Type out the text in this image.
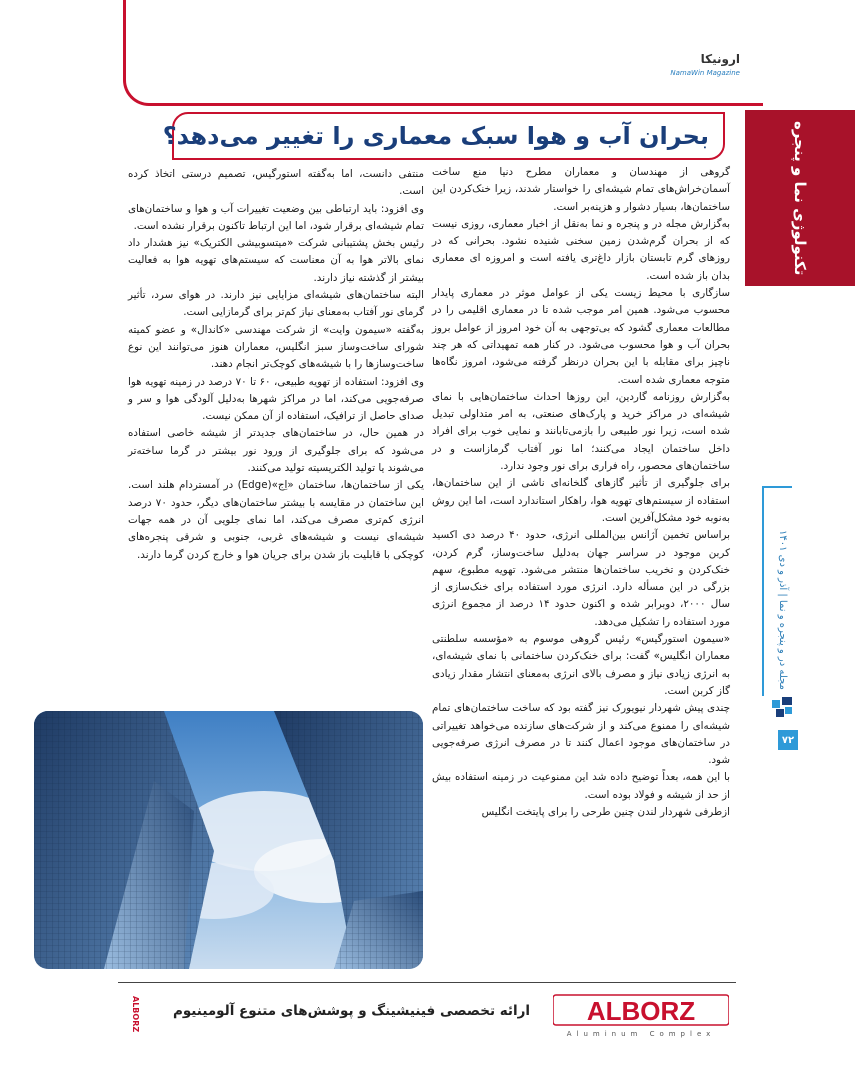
ارونیکا
NamaWin Magazine
بحران آب و هوا سبک معماری را تغییر می‌دهد؟	تکنولوژی نما و پنجره
مجله در و پنجره و نما | آذر و دی ۱۴۰۱
۷۲

گروهی از مهندسان و معماران مطرح دنیا منع ساخت آسمان‌خراش‌های تمام شیشه‌ای را خواستار شدند، زیرا خنک‌کردن این ساختمان‌ها، بسیار دشوار و هزینه‌بر است.

به‌گزارش مجله در و پنجره و نما به‌نقل از اخبار معماری، روزی نیست که از بحران گرم‌شدن زمین سخنی شنیده نشود. بحرانی که در روزهای گرم تابستان بازار داغ‌تری یافته است و امروزه ای معماری بدان باز شده است.

سازگاری با محیط زیست یکی از عوامل موثر در معماری پایدار محسوب می‌شود. همین امر موجب شده تا در معماری اقلیمی را در مطالعات معماری گشود که بی‌توجهی به آن خود امروز از عوامل بروز بحران آب و هوا محسوب می‌شود. در کنار همه تمهیداتی که هر چند ناچیز برای مقابله با این بحران درنظر گرفته می‌شود، امروز نگاه‌ها متوجه معماری شده است.

به‌گزارش روزنامه گاردین، این روزها احداث ساختمان‌هایی با نمای شیشه‌ای در مراکز خرید و پارک‌های صنعتی، به امر متداولی تبدیل شده است، زیرا نور طبیعی را بازمی‌تابانند و نمایی خوب برای افراد داخل ساختمان ایجاد می‌کنند؛ اما نور آفتاب گرمازاست و در ساختمان‌های محصور، راه فراری برای نور وجود ندارد.

برای جلوگیری از تأثیر گازهای گلخانه‌ای ناشی از این ساختمان‌ها، استفاده از سیستم‌های تهویه هوا، راهکار استاندارد است، اما این روش به‌نوبه خود مشکل‌آفرین است.

براساس تخمین آژانس بین‌المللی انرژی، حدود ۴۰ درصد دی اکسید کربن موجود در سراسر جهان به‌دلیل ساخت‌وساز، گرم کردن، خنک‌کردن و تخریب ساختمان‌ها منتشر می‌شود. تهویه مطبوع، سهم بزرگی در این مسأله دارد. انرژی مورد استفاده برای خنک‌سازی از سال ۲۰۰۰، دوبرابر شده و اکنون حدود ۱۴ درصد از مجموع انرژی مورد استفاده را تشکیل می‌دهد.

«سیمون استورگیس» رئیس گروهی موسوم به «مؤسسه سلطنتی معماران انگلیس» گفت: برای خنک‌کردن ساختمانی با نمای شیشه‌ای، به انرژی زیادی نیاز و مصرف بالای انرژی به‌معنای انتشار مقدار زیادی گاز کربن است.

چندی پیش شهردار نیویورک نیز گفته بود که ساخت ساختمان‌های تمام شیشه‌ای را ممنوع می‌کند و از شرکت‌های سازنده می‌خواهد تغییراتی در ساختمان‌های موجود اعمال کنند تا در مصرف انرژی صرفه‌جویی شود.

با این همه، بعداً توضیح داده شد این ممنوعیت در زمینه استفاده بیش از حد از شیشه و فولاد بوده است.

ازطرفی شهردار لندن چنین طرحی را برای پایتخت انگلیس

منتفی دانست، اما به‌گفته استورگیس، تصمیم درستی اتخاذ کرده است.

وی افزود: باید ارتباطی بین وضعیت تغییرات آب و هوا و ساختمان‌های تمام شیشه‌ای برقرار شود، اما این ارتباط تاکنون برقرار نشده است.

رئیس بخش پشتیبانی شرکت «میتسوبیشی الکتریک» نیز هشدار داد نمای بالاتر هوا به آن معناست که سیستم‌های تهویه هوا به فعالیت بیشتر از گذشته نیاز دارند.

البته ساختمان‌های شیشه‌ای مزایایی نیز دارند. در هوای سرد، تأثیر گرمای نور آفتاب به‌معنای نیاز کم‌تر برای گرمازایی است.

به‌گفته «سیمون وایت» از شرکت مهندسی «کاندال» و عضو کمیته شورای ساخت‌وساز سبز انگلیس، معماران هنوز می‌توانند این نوع ساخت‌وسازها را با شیشه‌های کوچک‌تر انجام دهند.

وی افزود: استفاده از تهویه طبیعی، ۶۰ تا ۷۰ درصد در زمینه تهویه هوا صرفه‌جویی می‌کند، اما در مراکز شهرها به‌دلیل آلودگی هوا و سر و صدای حاصل از ترافیک، استفاده از آن ممکن نیست.

در همین حال، در ساختمان‌های جدیدتر از شیشه خاصی استفاده می‌شود که برای جلوگیری از ورود نور بیشتر در گرما ساخته‌تر می‌شوند یا تولید الکتریسیته تولید می‌کنند.

یکی از ساختمان‌ها، ساختمان «اِج»(Edge) در آمستردام هلند است. این ساختمان در مقایسه با بیشتر ساختمان‌های دیگر، حدود ۷۰ درصد انرژی کم‌تری مصرف می‌کند، اما نمای جلویی آن در همه جهات شیشه‌ای نیست و شیشه‌های غربی، جنوبی و شرقی پنجره‌های کوچکی با قابلیت باز شدن برای جریان هوا و خارج کردن گرما دارند.

ALBORZ ارائه تخصصی فینیشینگ و پوشش‌های متنوع آلومینیوم ALBORZ
Aluminum Complex
